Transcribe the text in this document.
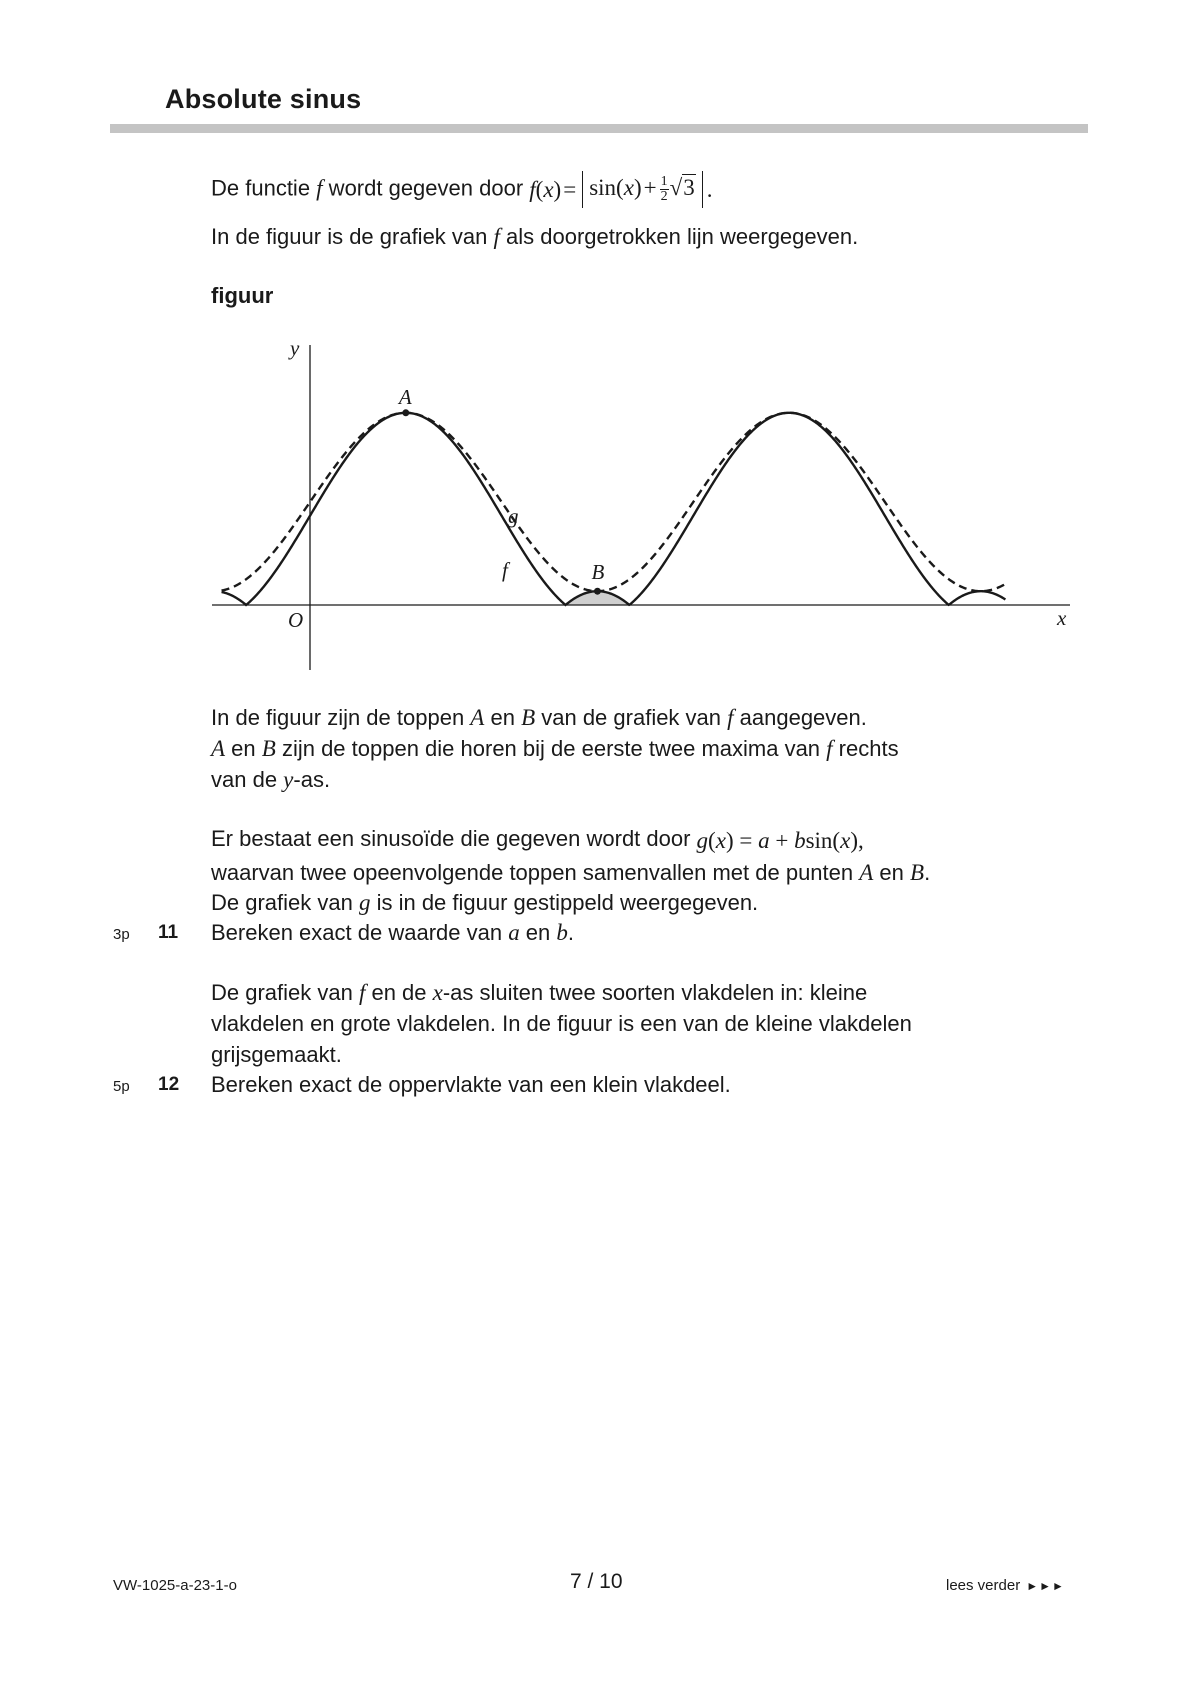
Absolute sinus
De functie f wordt gegeven door f $(x) = \sin(x)+ \frac{1}{2} √3$ .
In de figuur is de grafiek van f als doorgetrokken lijn weergegeven.
figuur
y
x
O
A
B
g
f
In de figuur zijn de toppen A en B van de grafiek van f aangegeven.
A en B zijn de toppen die horen bij de eerste twee maxima van f rechts
van de y-as.
Er bestaat een sinusoïde die gegeven wordt door g (x) = a + b sin (x) ,
waarvan twee opeenvolgende toppen samenvallen met de punten A en B.
De grafiek van g is in de figuur gestippeld weergegeven.
3p 11 Bereken exact de waarde van a en b.
De grafiek van f en de x-as sluiten twee soorten vlakdelen in: kleine
vlakdelen en grote vlakdelen. In de figuur is een van de kleine vlakdelen
grijsgemaakt.
5p 12 Bereken exact de oppervlakte van een klein vlakdeel.
VW-1025-a-23-1-o	7 / 10	lees verder ►►►
